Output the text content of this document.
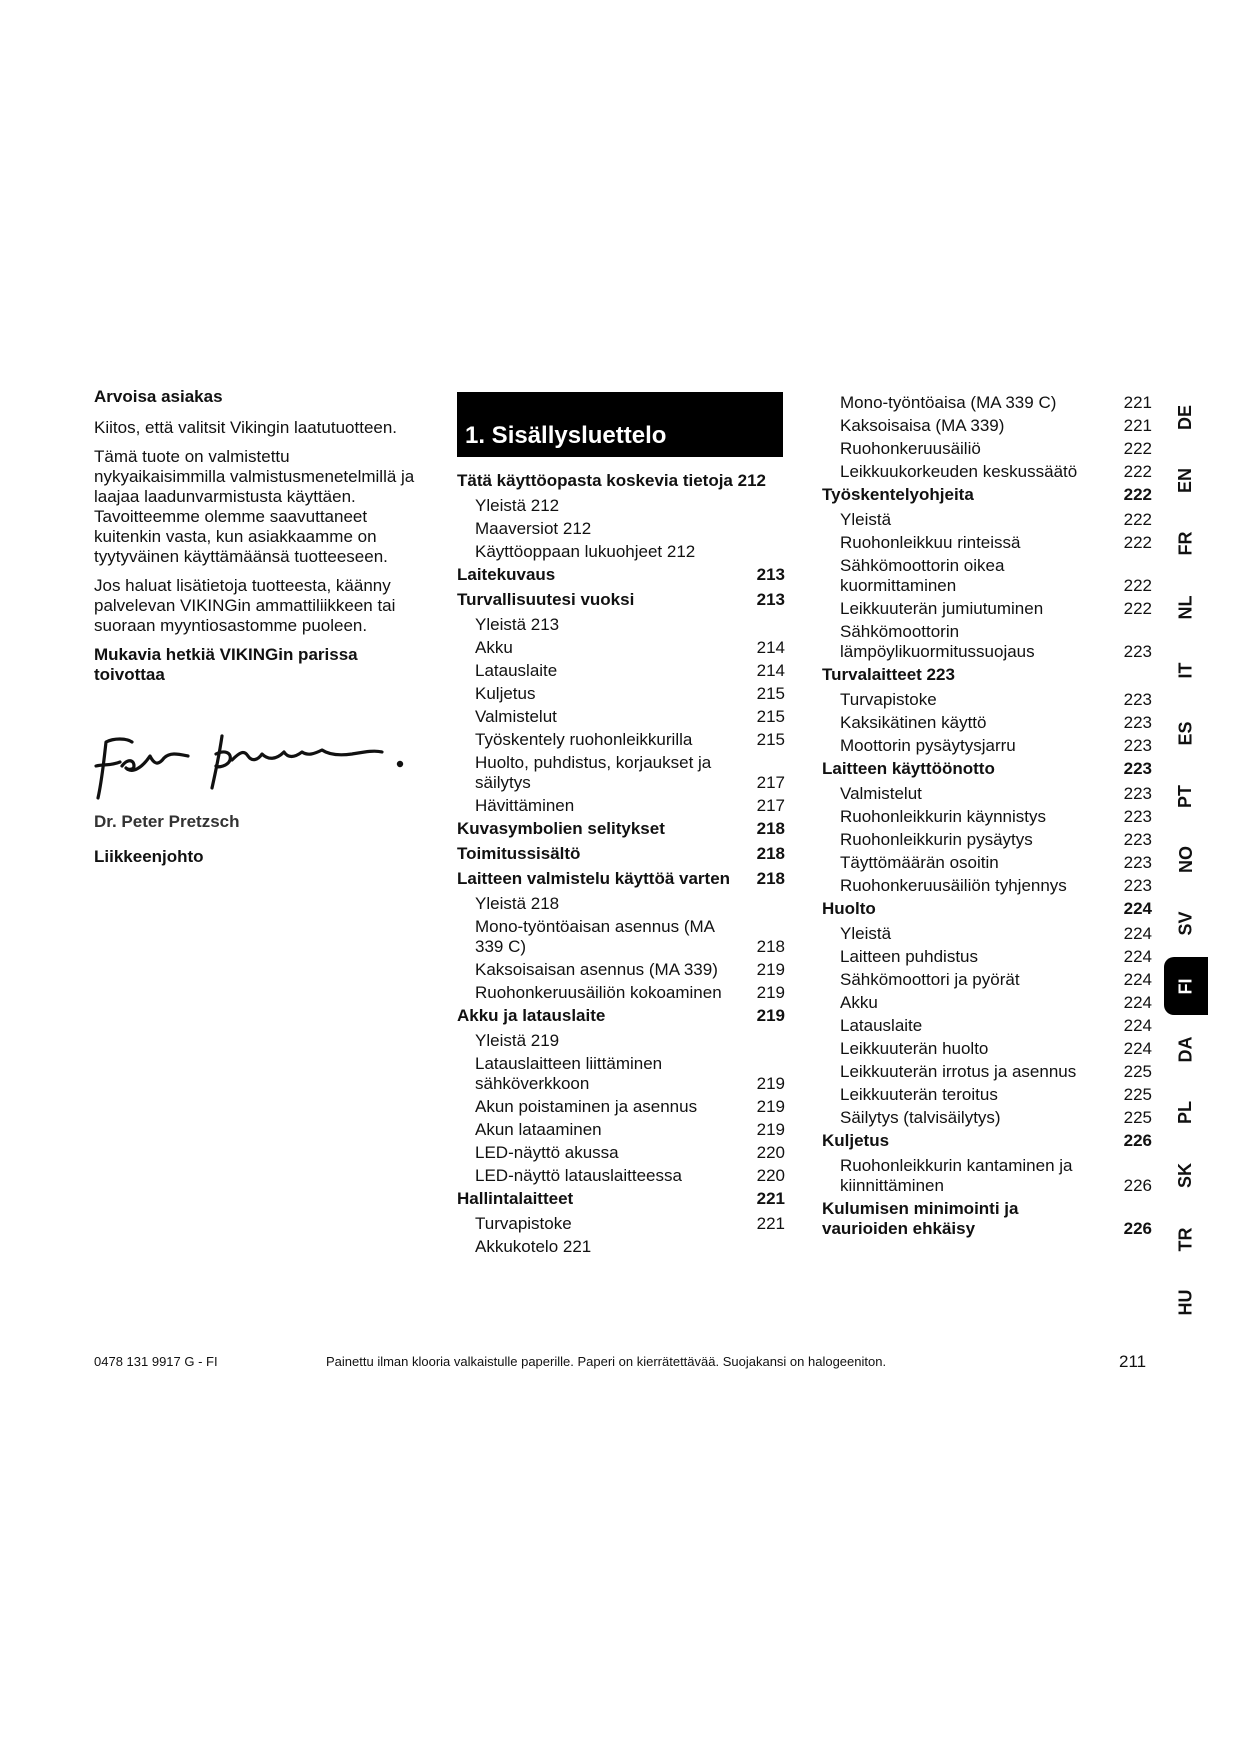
Arvoisa asiakas

Kiitos, että valitsit Vikingin laatutuotteen.

Tämä tuote on valmistettu nykyaikaisimmilla valmistusmenetelmillä ja laajaa laadunvarmistusta käyttäen. Tavoitteemme olemme saavuttaneet kuitenkin vasta, kun asiakkaamme on tyytyväinen käyttämäänsä tuotteeseen.

Jos haluat lisätietoja tuotteesta, käänny palvelevan VIKINGin ammattiliikkeen tai suoraan myyntiosastomme puoleen.

Mukavia hetkiä VIKINGin parissa toivottaa

Dr. Peter Pretzsch
Liikkeenjohto
1. Sisällysluettelo
Tätä käyttöopasta koskevia tietoja 212
Yleistä 212
Maaversiot 212
Käyttöoppaan lukuohjeet 212
Laitekuvaus	213
Turvallisuutesi vuoksi	213
Yleistä 213
Akku	214
Latauslaite	214
Kuljetus	215
Valmistelut	215
Työskentely ruohonleikkurilla	215
Huolto, puhdistus, korjaukset ja säilytys	217
Hävittäminen	217
Kuvasymbolien selitykset	218
Toimitussisältö	218
Laitteen valmistelu käyttöä varten	218
Yleistä 218
Mono-työntöaisan asennus (MA 339 C)	218
Kaksoisaisan asennus (MA 339)	219
Ruohonkeruusäiliön kokoaminen	219
Akku ja latauslaite	219
Yleistä 219
Latauslaitteen liittäminen sähköverkkoon	219
Akun poistaminen ja asennus	219
Akun lataaminen	219
LED-näyttö akussa	220
LED-näyttö latauslaitteessa	220
Hallintalaitteet	221
Turvapistoke	221
Akkukotelo 221
Mono-työntöaisa (MA 339 C)	221
Kaksoisaisa (MA 339)	221
Ruohonkeruusäiliö	222
Leikkuukorkeuden keskussäätö	222
Työskentelyohjeita	222
Yleistä	222
Ruohonleikkuu rinteissä	222
Sähkömoottorin oikea kuormittaminen	222
Leikkuuterän jumiutuminen	222
Sähkömoottorin lämpöylikuormitussuojaus	223
Turvalaitteet 223
Turvapistoke	223
Kaksikätinen käyttö	223
Moottorin pysäytysjarru	223
Laitteen käyttöönotto	223
Valmistelut	223
Ruohonleikkurin käynnistys	223
Ruohonleikkurin pysäytys	223
Täyttömäärän osoitin	223
Ruohonkeruusäiliön tyhjennys	223
Huolto	224
Yleistä	224
Laitteen puhdistus	224
Sähkömoottori ja pyörät	224
Akku	224
Latauslaite	224
Leikkuuterän huolto	224
Leikkuuterän irrotus ja asennus	225
Leikkuuterän teroitus	225
Säilytys (talvisäilytys)	225
Kuljetus	226
Ruohonleikkurin kantaminen ja kiinnittäminen	226
Kulumisen minimointi ja vaurioiden ehkäisy	226
0478 131 9917 G - FI	Painettu ilman klooria valkaistulle paperille. Paperi on kierrätettävää. Suojakansi on halogeeniton.	211
DE
EN
FR
NL
IT
ES
PT
NO
SV
FI
DA
PL
SK
TR
HU
